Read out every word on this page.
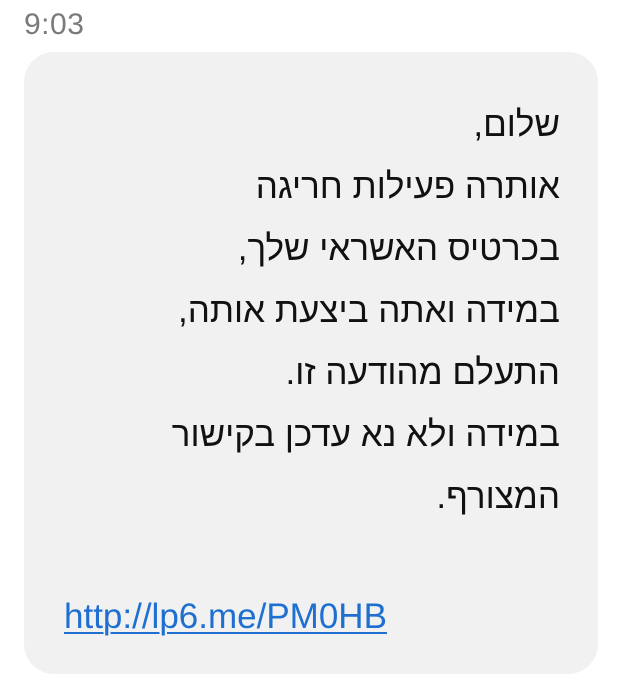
9:03
שלום,
אותרה פעילות חריגה
בכרטיס האשראי שלך,
במידה ואתה ביצעת אותה,
התעלם מהודעה זו.
במידה ולא נא עדכן בקישור
המצורף.
http://lp6.me/PM0HB
